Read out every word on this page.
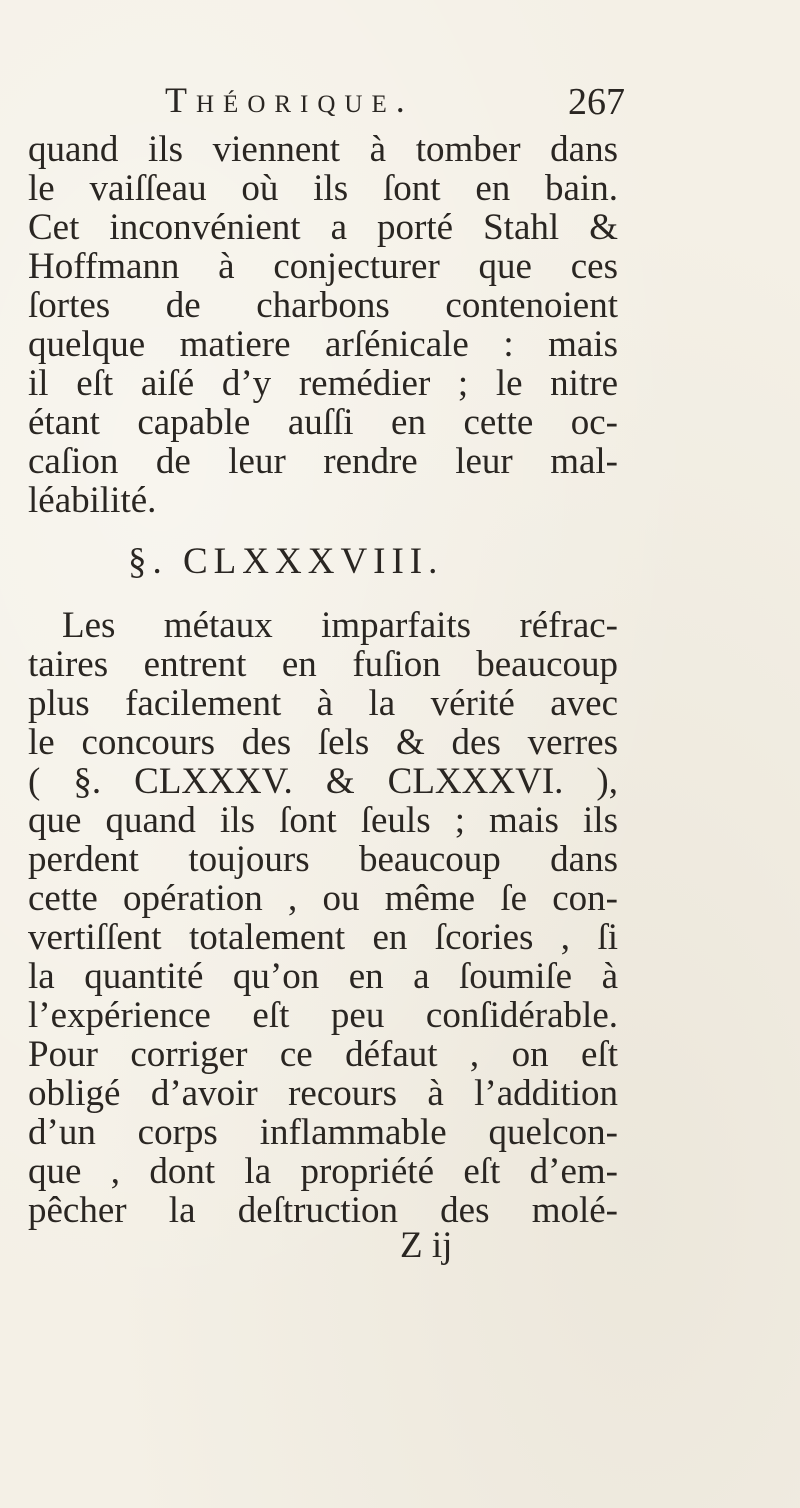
Théorique.	267
quand ils viennent à tomber dans
le vaiſſeau où ils ſont en bain.
Cet inconvénient a porté Stahl &
Hoffmann à conjecturer que ces
ſortes de charbons contenoient
quelque matiere arſénicale : mais
il eſt aiſé d’y remédier ; le nitre
étant capable auſſi en cette oc-
caſion de leur rendre leur mal-
léabilité.
§. CLXXXVIII.
Les métaux imparfaits réfrac-
taires entrent en fuſion beaucoup
plus facilement à la vérité avec
le concours des ſels & des verres
( §. CLXXXV. & CLXXXVI. ),
que quand ils ſont ſeuls ; mais ils
perdent toujours beaucoup dans
cette opération , ou même ſe con-
vertiſſent totalement en ſcories , ſi
la quantité qu’on en a ſoumiſe à
l’expérience eſt peu conſidérable.
Pour corriger ce défaut , on eſt
obligé d’avoir recours à l’addition
d’un corps inflammable quelcon-
que , dont la propriété eſt d’em-
pêcher la deſtruction des molé-
Z ij
